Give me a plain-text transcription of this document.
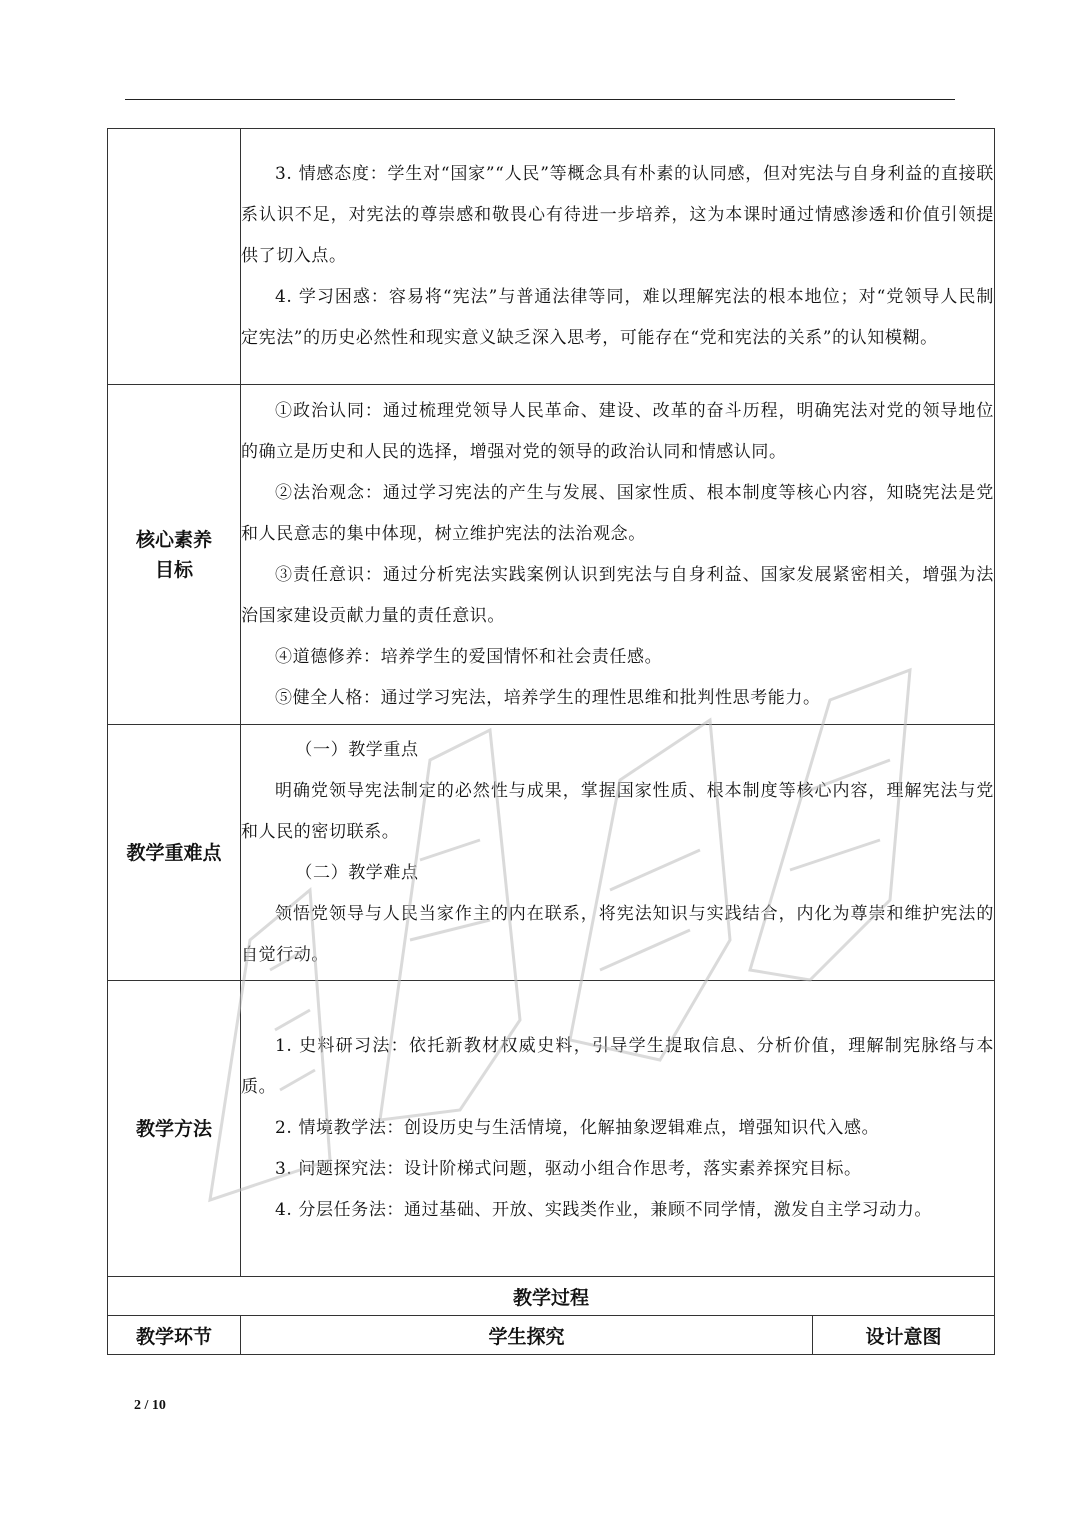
	3. 情感态度：学生对“国家”“人民”等概念具有朴素的认同感，但对宪法与自身利益的直接联系认识不足，对宪法的尊崇感和敬畏心有待进一步培养，这为本课时通过情感渗透和价值引领提供了切入点。

4. 学习困惑：容易将“宪法”与普通法律等同，难以理解宪法的根本地位；对“党领导人民制定宪法”的历史必然性和现实意义缺乏深入思考，可能存在“党和宪法的关系”的认知模糊。	

核心素养目标	①政治认同：通过梳理党领导人民革命、建设、改革的奋斗历程，明确宪法对党的领导地位的确立是历史和人民的选择，增强对党的领导的政治认同和情感认同。

②法治观念：通过学习宪法的产生与发展、国家性质、根本制度等核心内容，知晓宪法是党和人民意志的集中体现，树立维护宪法的法治观念。

③责任意识：通过分析宪法实践案例认识到宪法与自身利益、国家发展紧密相关，增强为法治国家建设贡献力量的责任意识。

④道德修养：培养学生的爱国情怀和社会责任感。

⑤健全人格：通过学习宪法，培养学生的理性思维和批判性思考能力。	

教学重难点	（一）教学重点

明确党领导宪法制定的必然性与成果，掌握国家性质、根本制度等核心内容，理解宪法与党和人民的密切联系。

（二）教学难点

领悟党领导与人民当家作主的内在联系，将宪法知识与实践结合，内化为尊崇和维护宪法的自觉行动。	

教学方法	1. 史料研习法：依托新教材权威史料，引导学生提取信息、分析价值，理解制宪脉络与本质。

2. 情境教学法：创设历史与生活情境，化解抽象逻辑难点，增强知识代入感。

3. 问题探究法：设计阶梯式问题，驱动小组合作思考，落实素养探究目标。

4. 分层任务法：通过基础、开放、实践类作业，兼顾不同学情，激发自主学习动力。	

教学过程		
教学环节	学生探究	设计意图
2 / 10
